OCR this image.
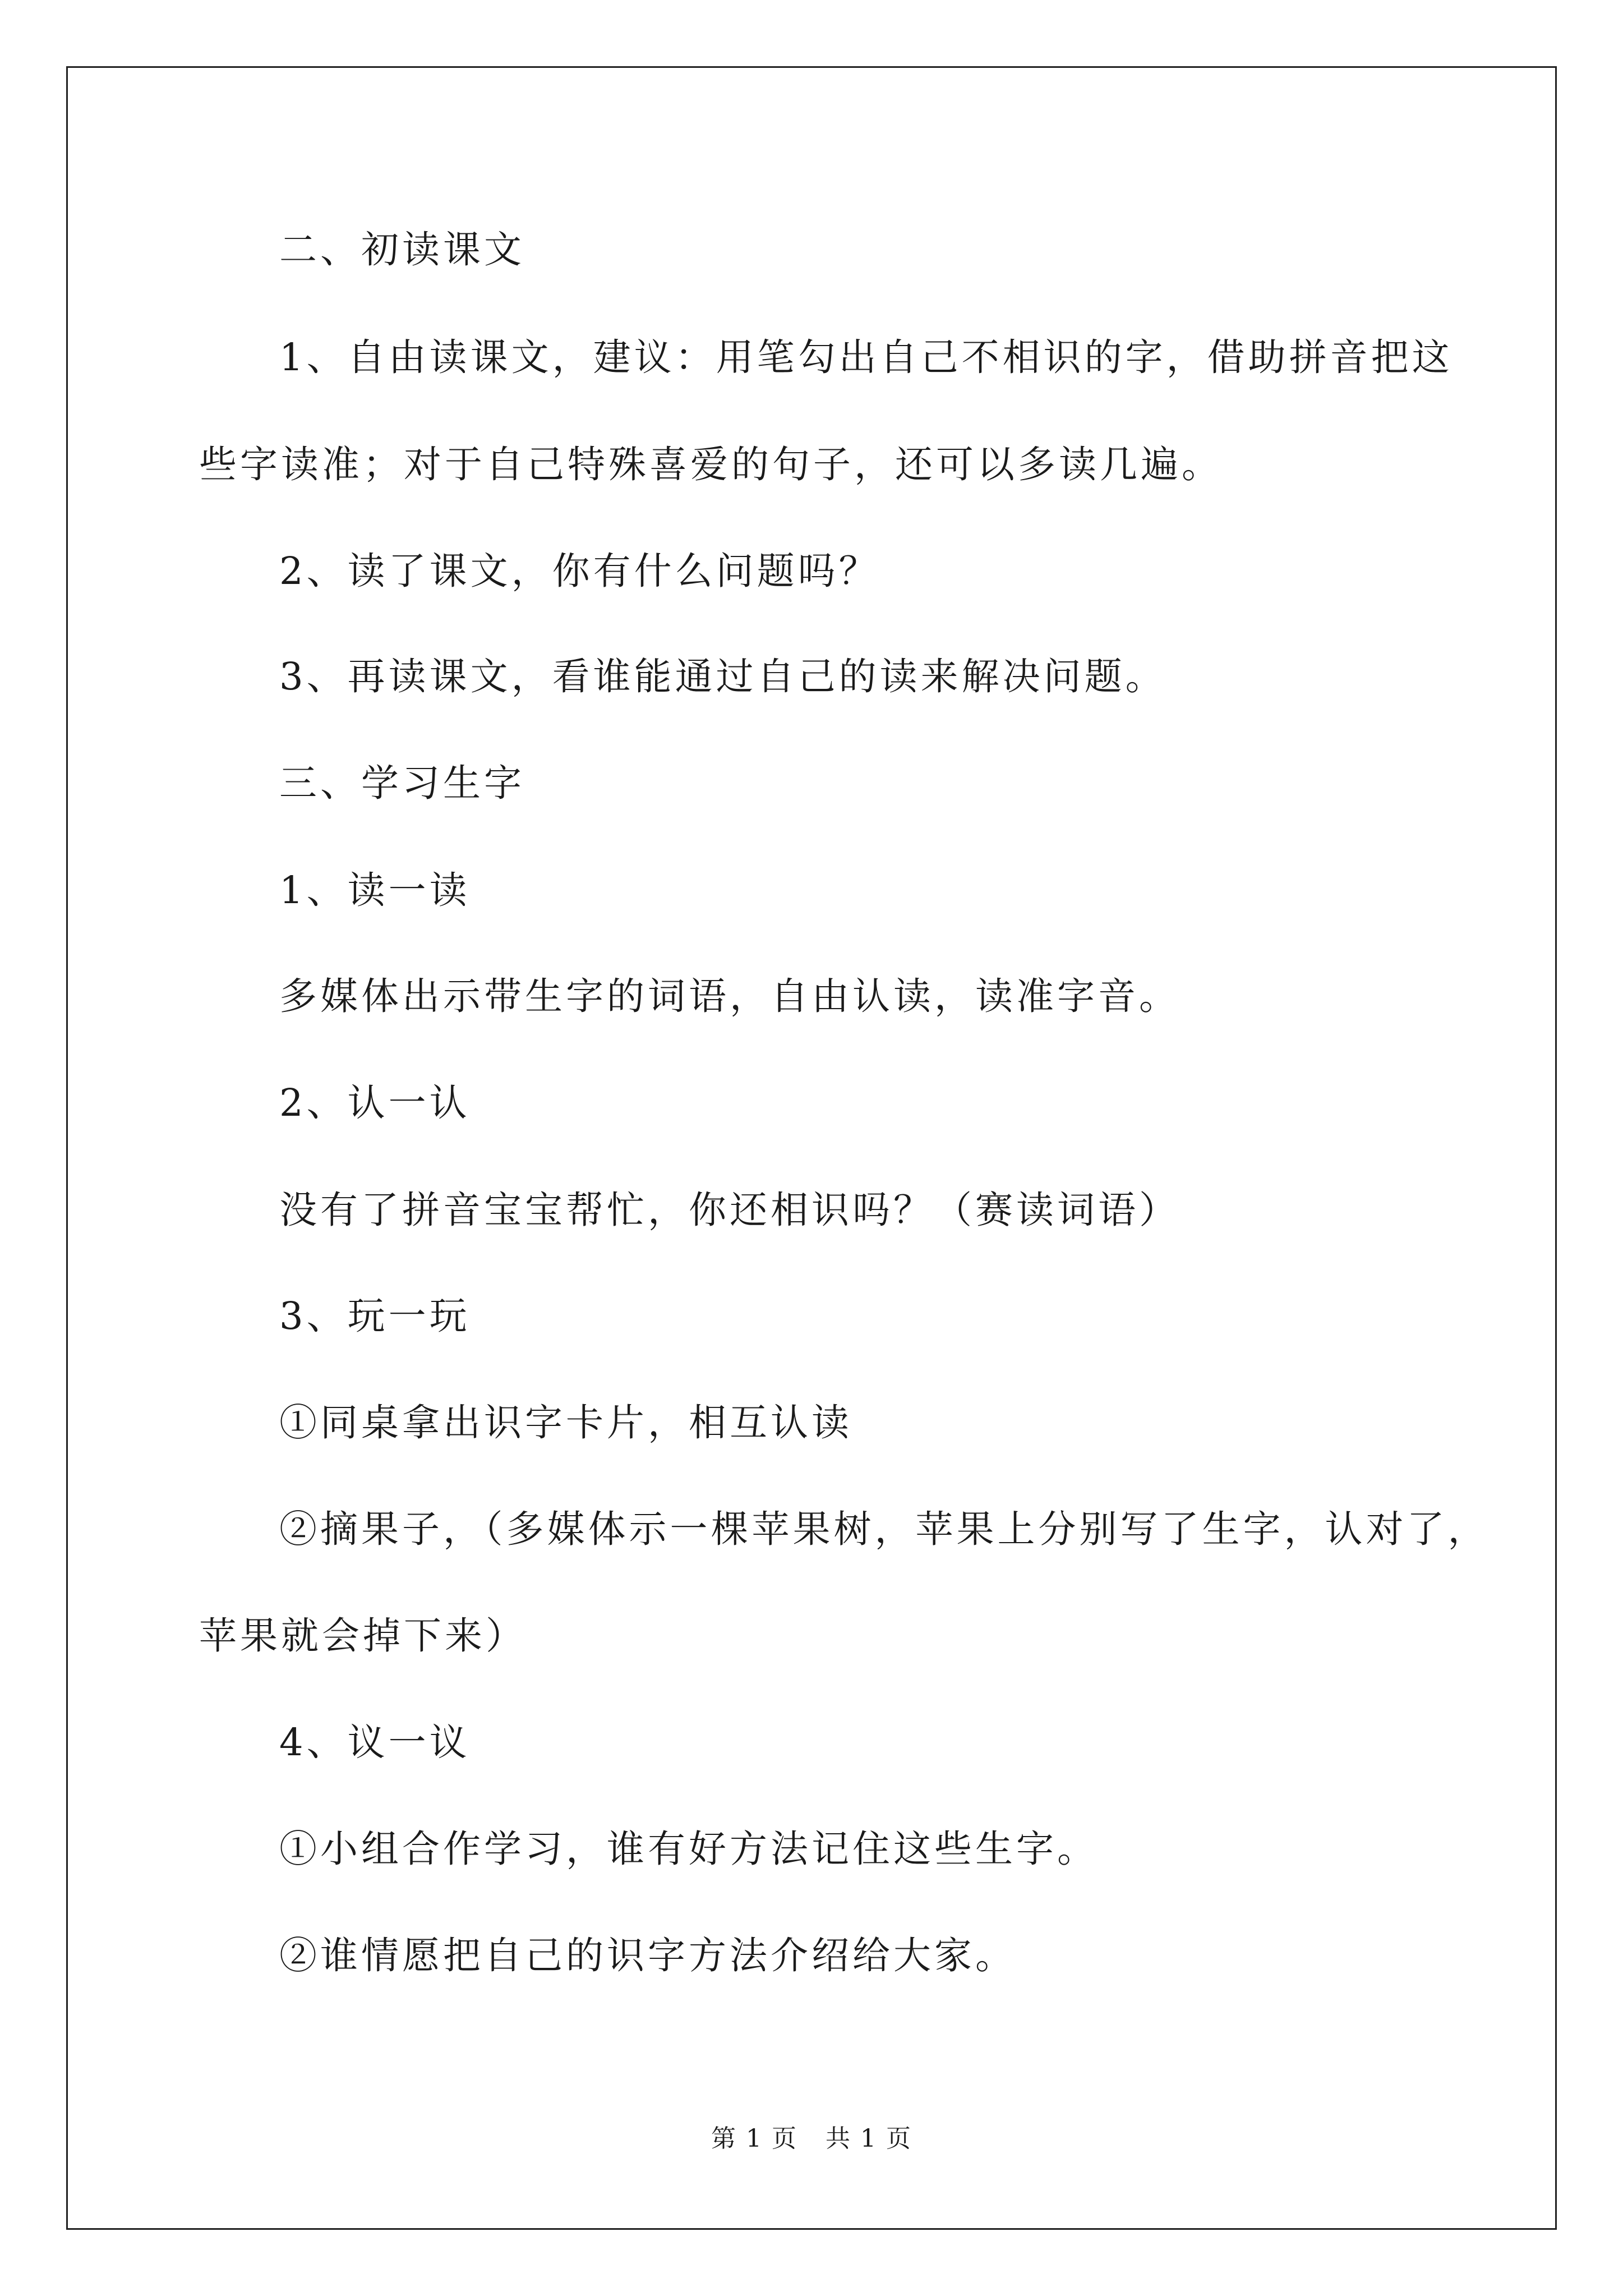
二、初读课文
1、自由读课文，建议：用笔勾出自己不相识的字，借助拼音把这
些字读准；对于自己特殊喜爱的句子，还可以多读几遍。
2、读了课文，你有什么问题吗？
3、再读课文，看谁能通过自己的读来解决问题。
三、学习生字
1、读一读
多媒体出示带生字的词语，自由认读，读准字音。
2、认一认
没有了拼音宝宝帮忙，你还相识吗？（赛读词语）
3、玩一玩
①同桌拿出识字卡片，相互认读
②摘果子，（多媒体示一棵苹果树，苹果上分别写了生字，认对了，
苹果就会掉下来）
4、议一议
①小组合作学习，谁有好方法记住这些生字。
②谁情愿把自己的识字方法介绍给大家。
第 1 页 共 1 页
